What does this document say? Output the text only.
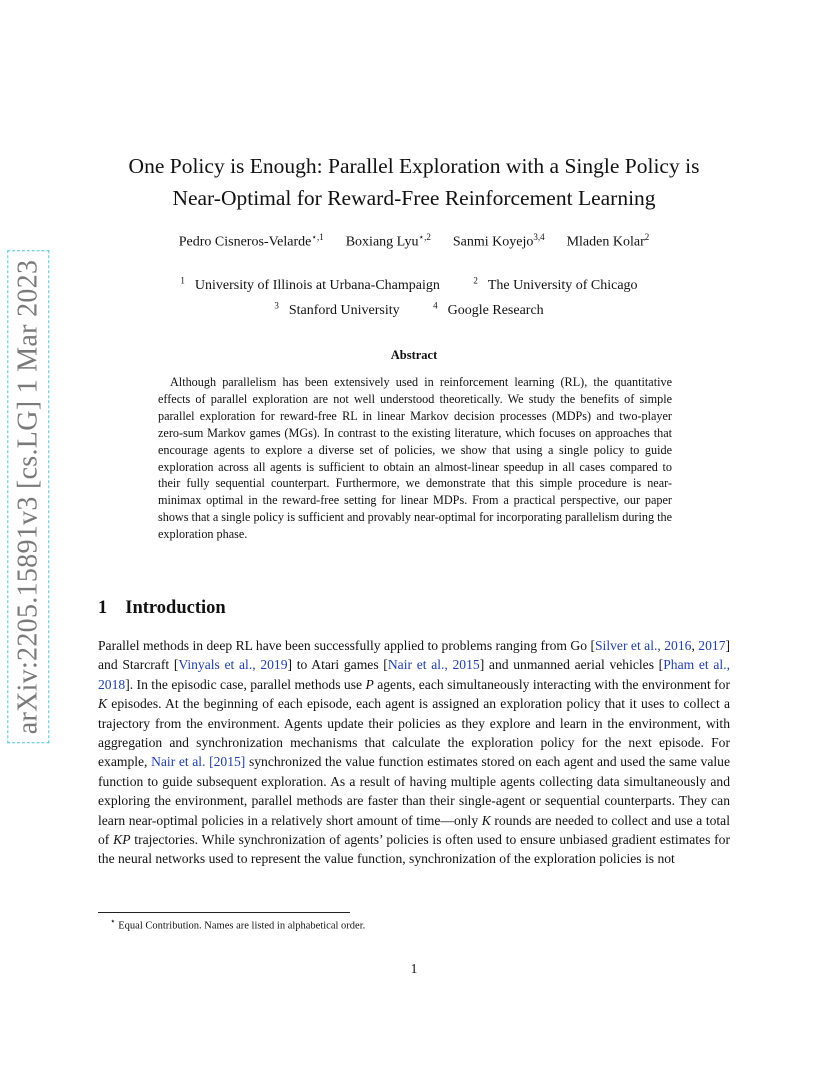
arXiv:2205.15891v3 [cs.LG] 1 Mar 2023
One Policy is Enough: Parallel Exploration with a Single Policy is
Near-Optimal for Reward-Free Reinforcement Learning
Pedro Cisneros-Velarde$^{⋆,1}$ Boxiang Lyu$^{⋆,2}$ Sanmi Koyejo$^{3,4}$ Mladen Kolar$^2$
$^1$ University of Illinois at Urbana-Champaign	$^2$ The University of Chicago
$^3$ Stanford University	$^4$ Google Research
Abstract
Although parallelism has been extensively used in reinforcement learning (RL), the quantitative effects of parallel exploration are not well understood theoretically. We study the benefits of simple parallel exploration for reward-free RL in linear Markov decision processes (MDPs) and two-player zero-sum Markov games (MGs). In contrast to the existing literature, which focuses on approaches that encourage agents to explore a diverse set of policies, we show that using a single policy to guide exploration across all agents is sufficient to obtain an almost-linear speedup in all cases compared to their fully sequential counterpart. Furthermore, we demonstrate that this simple procedure is near-minimax optimal in the reward-free setting for linear MDPs. From a practical perspective, our paper shows that a single policy is sufficient and provably near-optimal for incorporating parallelism during the exploration phase.
1 Introduction
Parallel methods in deep RL have been successfully applied to problems ranging from Go [Silver et al., 2016, 2017] and Starcraft [Vinyals et al., 2019] to Atari games [Nair et al., 2015] and unmanned aerial vehicles [Pham et al., 2018]. In the episodic case, parallel methods use P agents, each simultaneously interacting with the environment for K episodes. At the beginning of each episode, each agent is assigned an exploration policy that it uses to collect a trajectory from the environment. Agents update their policies as they explore and learn in the environment, with aggregation and synchronization mechanisms that calculate the exploration policy for the next episode. For example, Nair et al. [2015] synchronized the value function estimates stored on each agent and used the same value function to guide subsequent exploration. As a result of having multiple agents collecting data simultaneously and exploring the environment, parallel methods are faster than their single-agent or sequential counterparts. They can learn near-optimal policies in a relatively short amount of time—only K rounds are needed to collect and use a total of KP trajectories. While synchronization of agents’ policies is often used to ensure unbiased gradient estimates for the neural networks used to represent the value function, synchronization of the exploration policies is not
⋆ Equal Contribution. Names are listed in alphabetical order.
1
